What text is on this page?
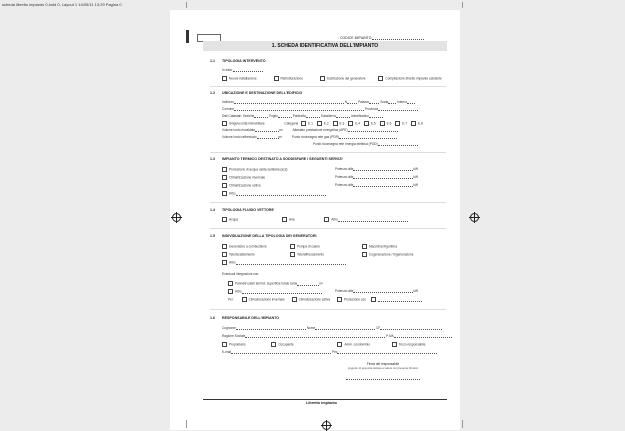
scheda libretto impianto 0.indd 0, Layout 1 14/05/11 13:29 Pagina 0
CODICE IMPIANTO
1. SCHEDA IDENTIFICATIVA DELL'IMPIANTO
1.1 TIPOLOGIA INTERVENTO
In data
Nuova installazione	Ristrutturazione	Sostituzione del generatore	Compilazione libretto impianto esistente
1.2 UBICAZIONE E DESTINAZIONE DELL'EDIFICIO
Indirizzo	N	Palazzo	Scala	Interno
Comune	Provincia
Dati Catastali: Sezione	Foglio	Particella	Subalterno	Identificativo
Singola unità immobiliare	Categoria	E.1	E.2	E.3	E.4	E.5	E.6	E.7	E.8
Volume lordo riscaldato	m³	Attestato prestazione energetica (APE)
Volume lordo raffrescato	m³	Punto riconsegna rete gas (PDR)
Punto riconsegna rete energia elettrica (POD)
1.3 IMPIANTO TERMICO DESTINATO A SODDISFARE I SEGUENTI SERVIZI
Produzione di acqua calda sanitaria (acs)	Potenza utile	kW
Climatizzazione invernale	Potenza utile	kW
Climatizzazione estiva	Potenza utile	kW
Altro
1.4 TIPOLOGIA FLUIDO VETTORE
Acqua	Aria	Altro
1.5 INDIVIDUAZIONE DELLA TIPOLOGIA DEI GENERATORI
Generatore a combustione	Pompa di calore	Macchina frigorifera
Teleriscaldamento	Teleraffrescamento	Cogenerazione / trigenerazione
Altro
Eventuali integrazioni con:
Pannelli solari termici: superficie totale lorda	m²
Altro	Potenza utile	kW
Per:	Climatizzazione invernale	Climatizzazione estiva	Produzione acs
1.6 RESPONSABILE DELL'IMPIANTO
Cognome	Nome	CF
Ragione Sociale	P.IVA
Proprietario	Occupante	Amm. condominio	Terzo responsabile
E-mail	Pec
Firma del responsabile
(oggetto di apposita delega a valere sul presente libretto)
Libretto impianto
